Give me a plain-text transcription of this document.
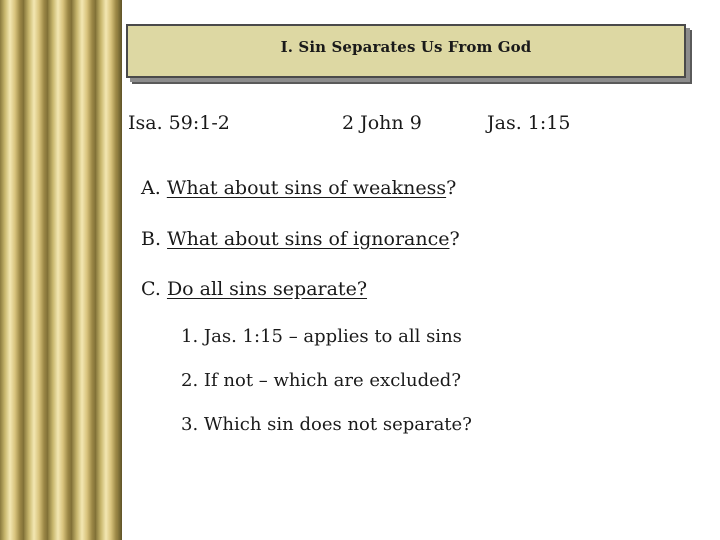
I. Sin Separates Us From God
Isa. 59:1-2	2 John 9	Jas. 1:15
A. What about sins of weakness?
B. What about sins of ignorance?
C. Do all sins separate?
1. Jas. 1:15 – applies to all sins
2. If not – which are excluded?
3. Which sin does not separate?
